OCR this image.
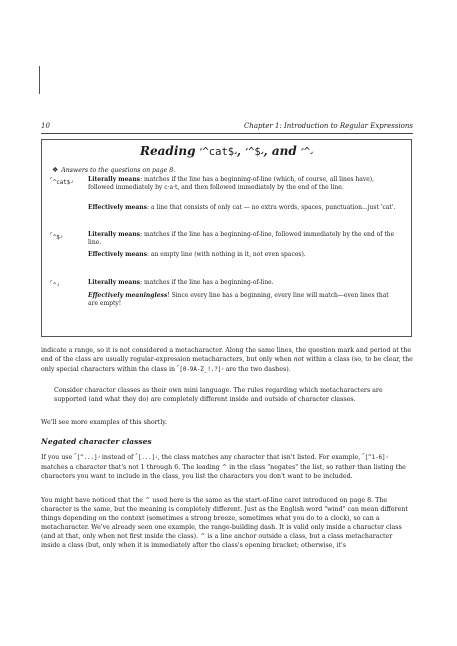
10	Chapter 1: Introduction to Regular Expressions
Reading ⌜^cat$⌟, ⌜^$⌟, and ⌜^⌟
❖ Answers to the questions on page 8.
⌜^cat$⌟ Literally means: matches if the line has a beginning-of-line (which, of course, all lines have), followed immediately by c·a·t, and then followed immediately by the end of the line.
Effectively means: a line that consists of only cat — no extra words, spaces, punctuation...just 'cat'.
⌜^$⌟	Literally means: matches if the line has a beginning-of-line, followed immediately by the end of the line.
Effectively means: an empty line (with nothing in it, not even spaces).
⌜^⌟	Literally means: matches if the line has a beginning-of-line.
Effectively meaningless! Since every line has a beginning, every line will match—even lines that are empty!
indicate a range, so it is not considered a metacharacter. Along the same lines, the question mark and period at the end of the class are usually regular-expression metacharacters, but only when not within a class (so, to be clear, the only special characters within the class in ⌜[0-9A-Z_!.?]⌟ are the two dashes).
Consider character classes as their own mini language. The rules regarding which metacharacters are supported (and what they do) are completely different inside and outside of character classes.
We'll see more examples of this shortly.
Negated character classes
If you use ⌜[^...]⌟ instead of ⌜[...]⌟, the class matches any character that isn't listed. For example, ⌜[^1-6]⌟ matches a character that's not 1 through 6. The leading ^ in the class "negates" the list, so rather than listing the characters you want to include in the class, you list the characters you don't want to be included.
You might have noticed that the ^ used here is the same as the start-of-line caret introduced on page 8. The character is the same, but the meaning is completely different. Just as the English word "wind" can mean different things depending on the context (sometimes a strong breeze, sometimes what you do to a clock), so can a metacharacter. We've already seen one example, the range-building dash. It is valid only inside a character class (and at that, only when not first inside the class). ^ is a line anchor outside a class, but a class metacharacter inside a class (but, only when it is immediately after the class's opening bracket; otherwise, it's
